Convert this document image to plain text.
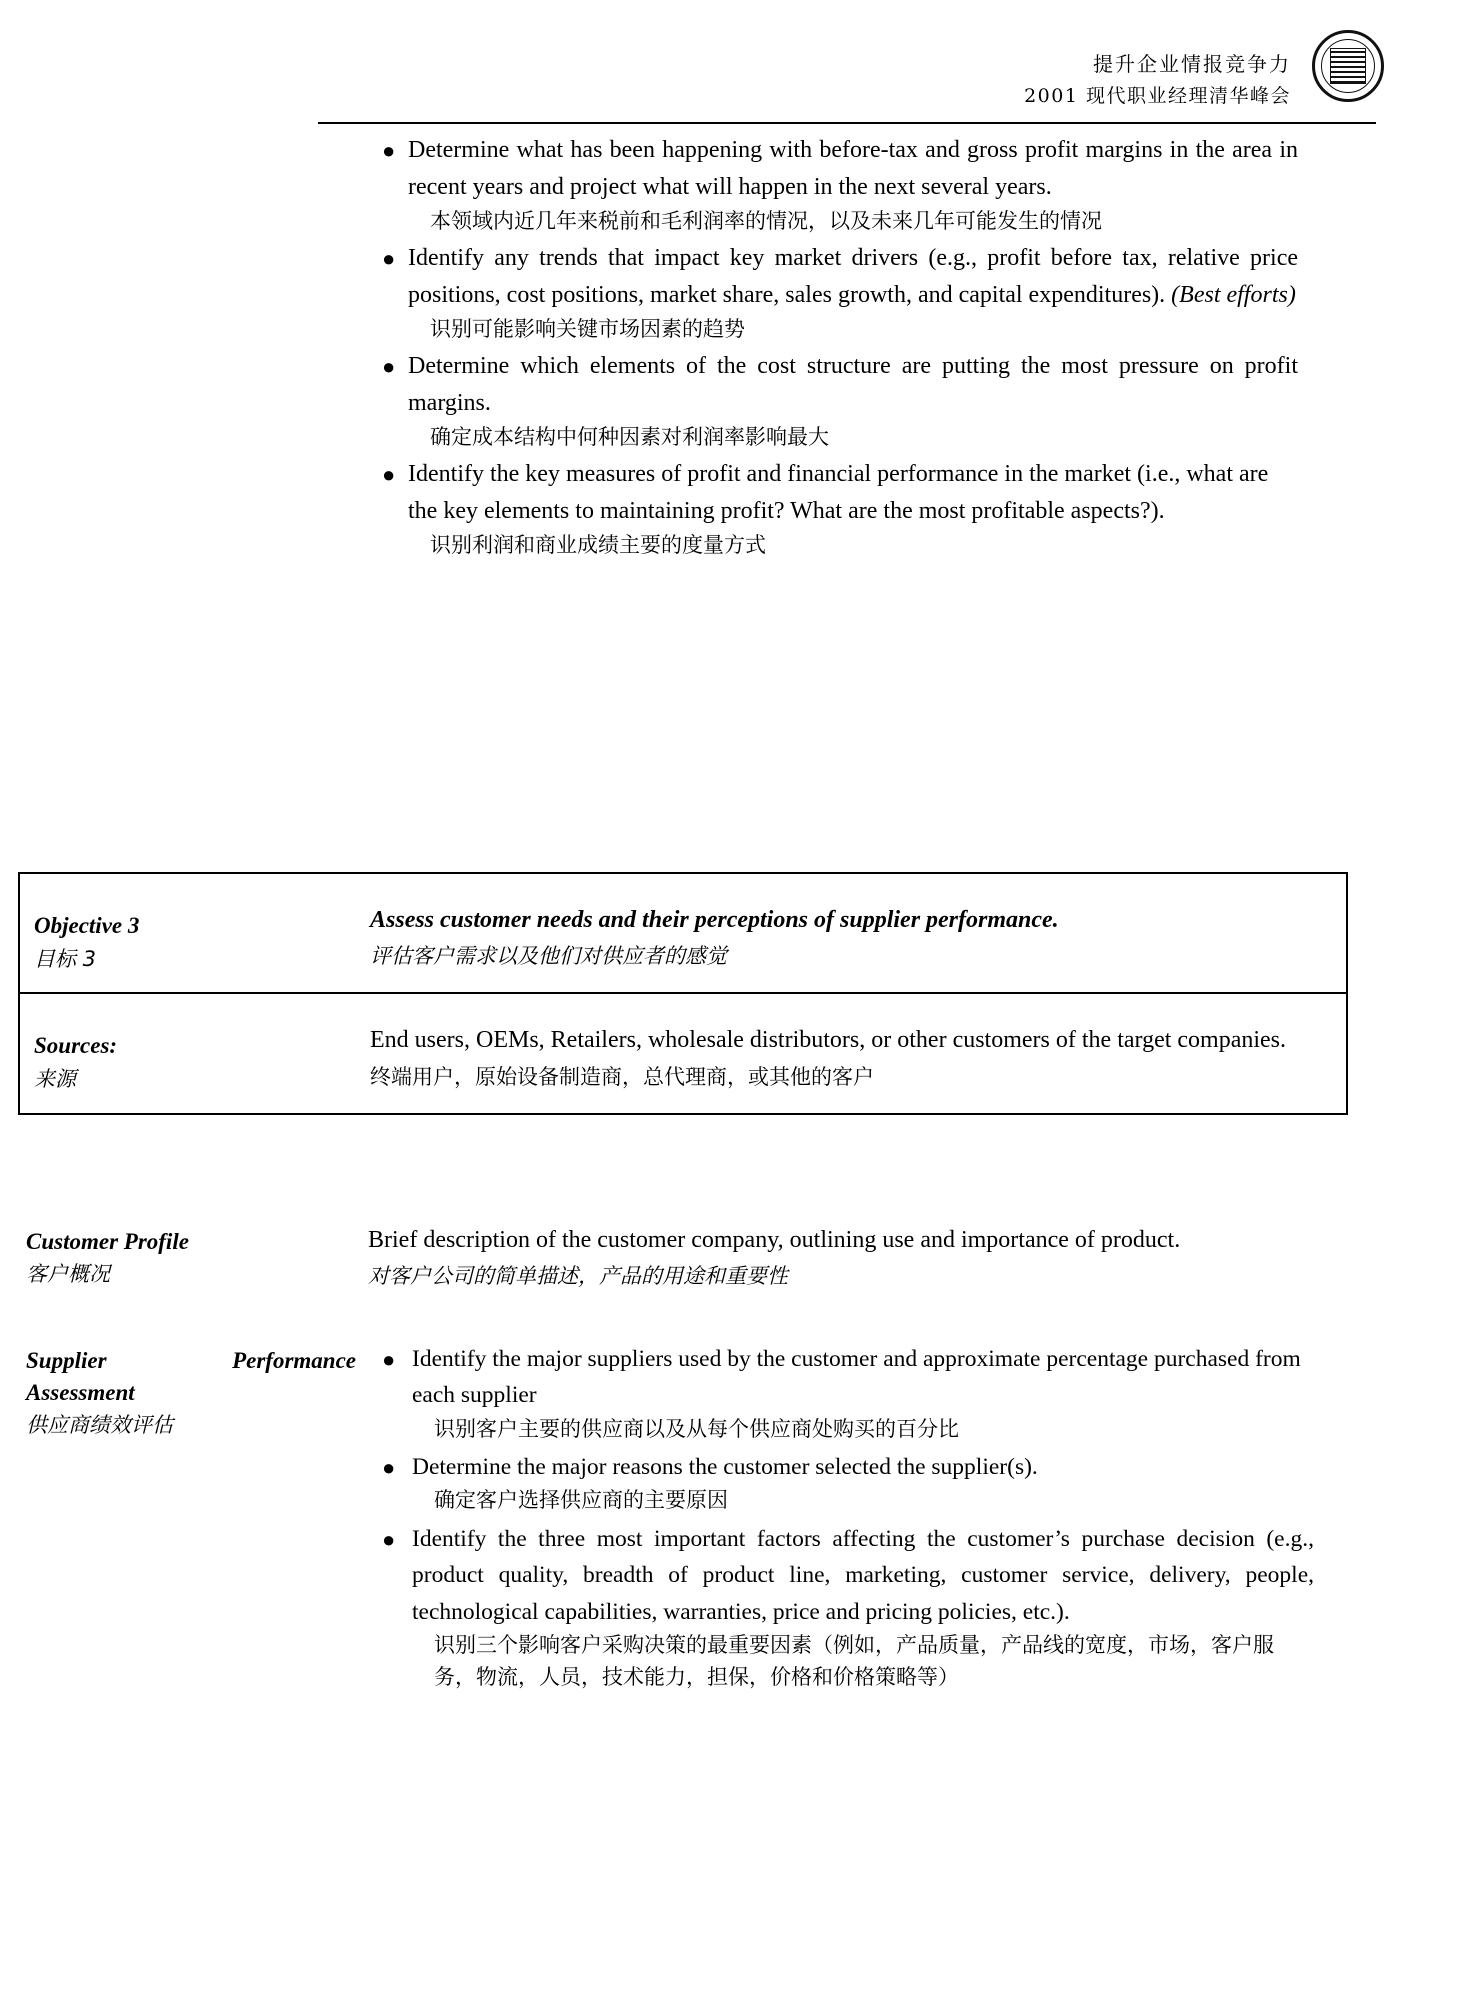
提升企业情报竞争力
2001 现代职业经理清华峰会
● Determine what has been happening with before-tax and gross profit margins in the area in recent years and project what will happen in the next several years.
本领域内近几年来税前和毛利润率的情况，以及未来几年可能发生的情况
● Identify any trends that impact key market drivers (e.g., profit before tax, relative price positions, cost positions, market share, sales growth, and capital expenditures). (Best efforts)
识别可能影响关键市场因素的趋势
● Determine which elements of the cost structure are putting the most pressure on profit margins.
确定成本结构中何种因素对利润率影响最大
● Identify the key measures of profit and financial performance in the market (i.e., what are the key elements to maintaining profit? What are the most profitable aspects?).
识别利润和商业成绩主要的度量方式
Objective 3
目标 3
Assess customer needs and their perceptions of supplier performance.
评估客户需求以及他们对供应者的感觉
Sources:
来源
End users, OEMs, Retailers, wholesale distributors, or other customers of the target companies.
终端用户，原始设备制造商，总代理商，或其他的客户
Customer Profile
客户概况
Brief description of the customer company, outlining use and importance of product.
对客户公司的简单描述，产品的用途和重要性
Supplier	Performance
Assessment
供应商绩效评估
● Identify the major suppliers used by the customer and approximate percentage purchased from each supplier
识别客户主要的供应商以及从每个供应商处购买的百分比
● Determine the major reasons the customer selected the supplier(s).
确定客户选择供应商的主要原因
● Identify the three most important factors affecting the customer’s purchase decision (e.g., product quality, breadth of product line, marketing, customer service, delivery, people, technological capabilities, warranties, price and pricing policies, etc.).
识别三个影响客户采购决策的最重要因素（例如，产品质量，产品线的宽度，市场，客户服务，物流，人员，技术能力，担保，价格和价格策略等）
